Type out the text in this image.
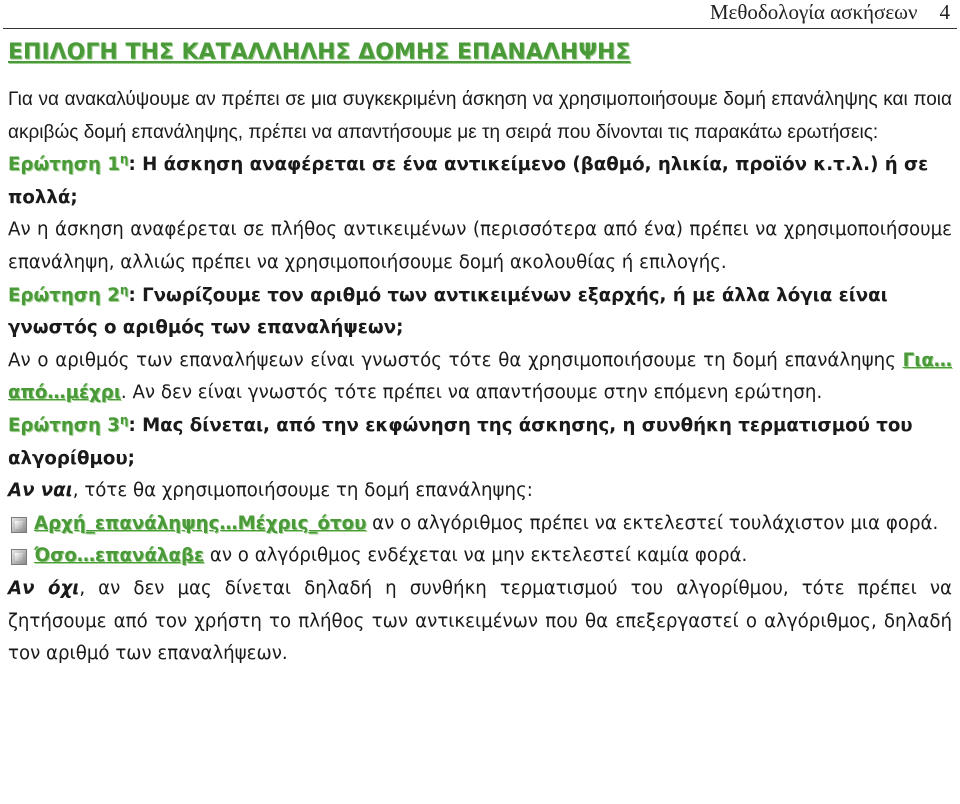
Μεθοδολογία ασκήσεων 4
ΕΠΙΛΟΓΗ ΤΗΣ ΚΑΤΑΛΛΗΛΗΣ ΔΟΜΗΣ ΕΠΑΝΑΛΗΨΗΣ

Για να ανακαλύψουμε αν πρέπει σε μια συγκεκριμένη άσκηση να χρησιμοποιήσουμε δομή επανάληψης και ποια ακριβώς δομή επανάληψης, πρέπει να απαντήσουμε με τη σειρά που δίνονται τις παρακάτω ερωτήσεις:

Ερώτηση $1^\eta$: Η άσκηση αναφέρεται σε ένα αντικείμενο (βαθμό, ηλικία, προϊόν κ.τ.λ.) ή σε πολλά;

Αν η άσκηση αναφέρεται σε πλήθος αντικειμένων (περισσότερα από ένα) πρέπει να χρησιμοποιήσουμε επανάληψη, αλλιώς πρέπει να χρησιμοποιήσουμε δομή ακολουθίας ή επιλογής.

Ερώτηση $2^\eta$: Γνωρίζουμε τον αριθμό των αντικειμένων εξαρχής, ή με άλλα λόγια είναι γνωστός ο αριθμός των επαναλήψεων;

Αν ο αριθμός των επαναλήψεων είναι γνωστός τότε θα χρησιμοποιήσουμε τη δομή επανάληψης Για…από…μέχρι. Αν δεν είναι γνωστός τότε πρέπει να απαντήσουμε στην επόμενη ερώτηση.

Ερώτηση $3^\eta$: Μας δίνεται, από την εκφώνηση της άσκησης, η συνθήκη τερματισμού του αλγορίθμου;

Αν ναι, τότε θα χρησιμοποιήσουμε τη δομή επανάληψης:

Αρχή_επανάληψης…Μέχρις_ότου αν ο αλγόριθμος πρέπει να εκτελεστεί τουλάχιστον μια φορά.

Όσο…επανάλαβε αν ο αλγόριθμος ενδέχεται να μην εκτελεστεί καμία φορά.

Αν όχι, αν δεν μας δίνεται δηλαδή η συνθήκη τερματισμού του αλγορίθμου, τότε πρέπει να ζητήσουμε από τον χρήστη το πλήθος των αντικειμένων που θα επεξεργαστεί ο αλγόριθμος, δηλαδή τον αριθμό των επαναλήψεων.
